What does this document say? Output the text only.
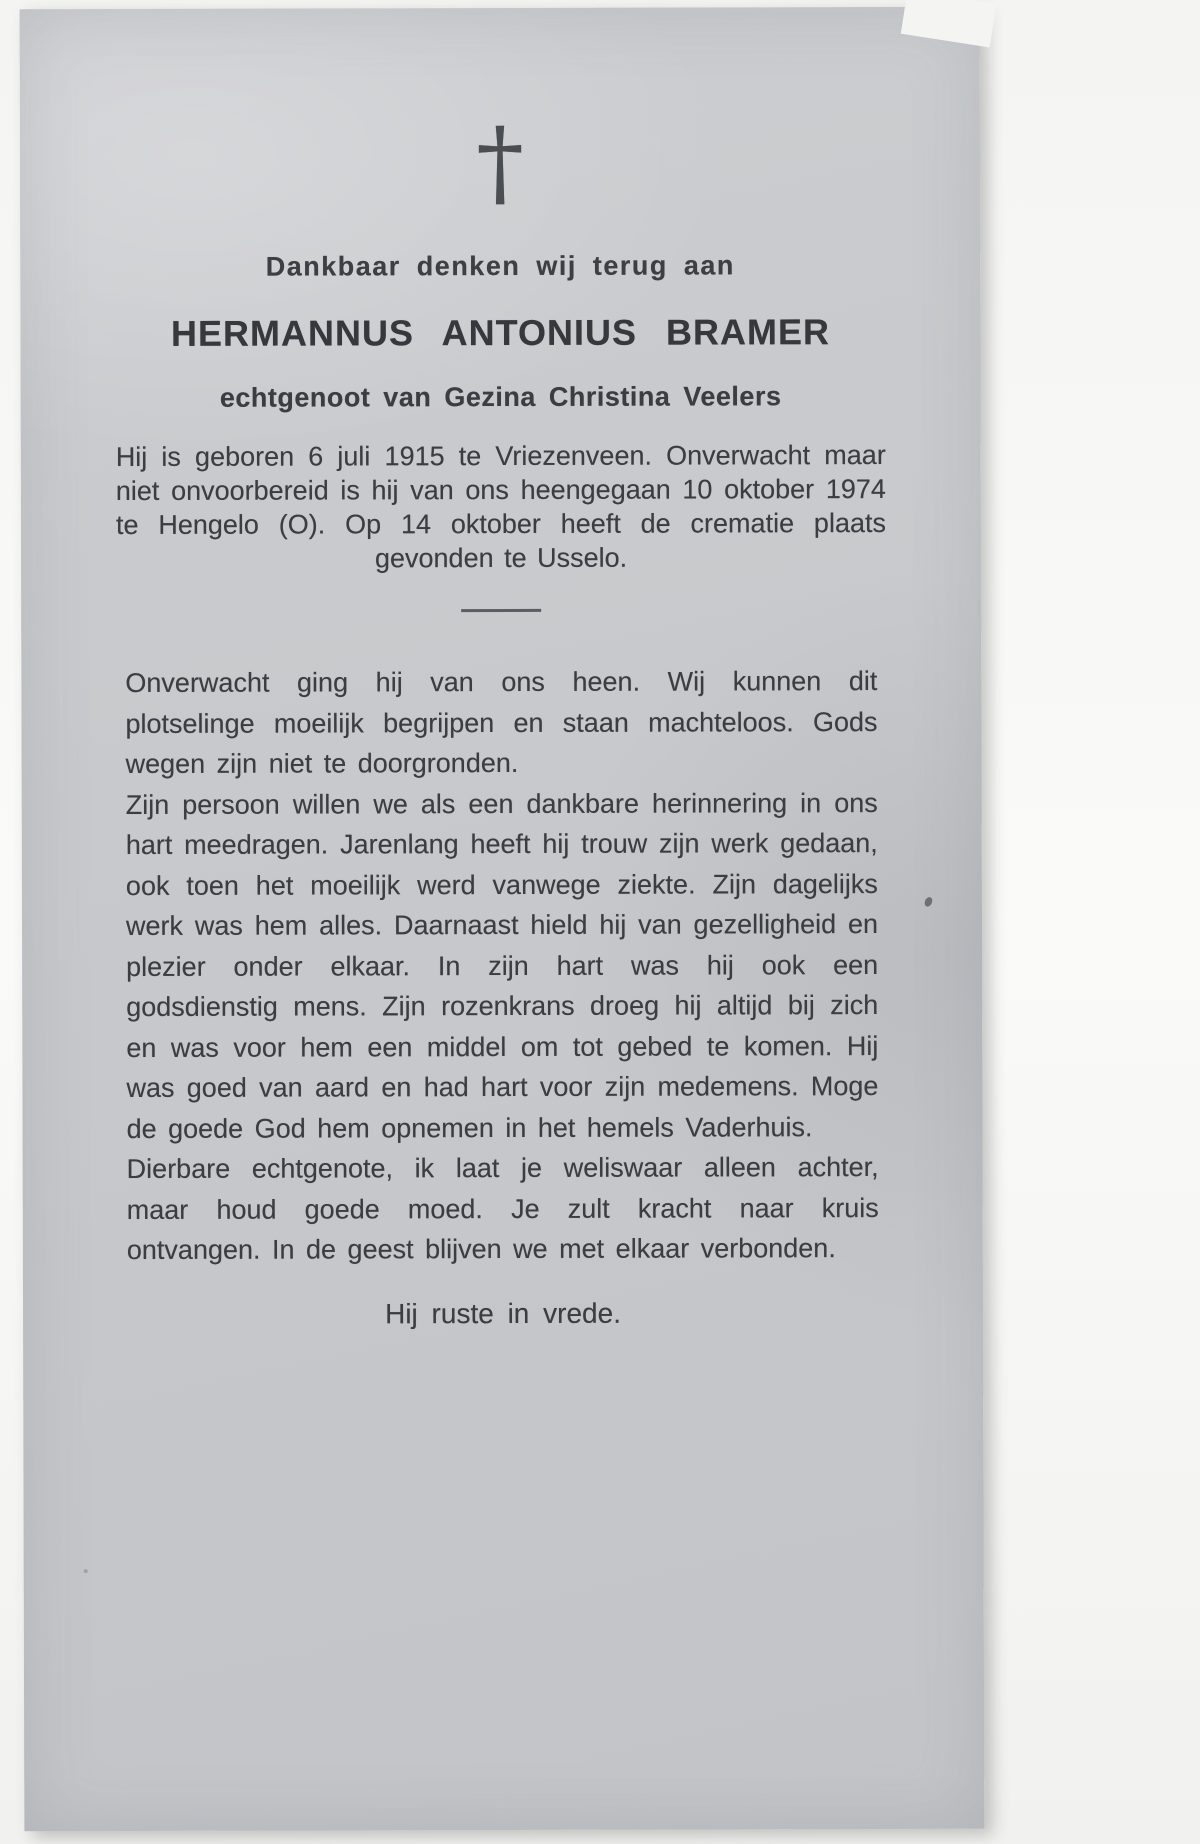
†
Dankbaar denken wij terug aan
HERMANNUS ANTONIUS BRAMER
echtgenoot van Gezina Christina Veelers
Hij is geboren 6 juli 1915 te Vriezenveen. Onverwacht maar niet onvoorbereid is hij van ons heengegaan 10 oktober 1974 te Hengelo (O). Op 14 oktober heeft de crematie plaats gevonden te Usselo.

Onverwacht ging hij van ons heen. Wij kunnen dit plotselinge moeilijk begrijpen en staan machteloos. Gods wegen zijn niet te doorgronden.

Zijn persoon willen we als een dankbare herinnering in ons hart meedragen. Jarenlang heeft hij trouw zijn werk gedaan, ook toen het moeilijk werd vanwege ziekte. Zijn dagelijks werk was hem alles. Daarnaast hield hij van gezelligheid en plezier onder elkaar. In zijn hart was hij ook een godsdienstig mens. Zijn rozenkrans droeg hij altijd bij zich en was voor hem een middel om tot gebed te komen. Hij was goed van aard en had hart voor zijn medemens. Moge de goede God hem opnemen in het hemels Vaderhuis.

Dierbare echtgenote, ik laat je weliswaar alleen achter, maar houd goede moed. Je zult kracht naar kruis ontvangen. In de geest blijven we met elkaar verbonden.

Hij ruste in vrede.
